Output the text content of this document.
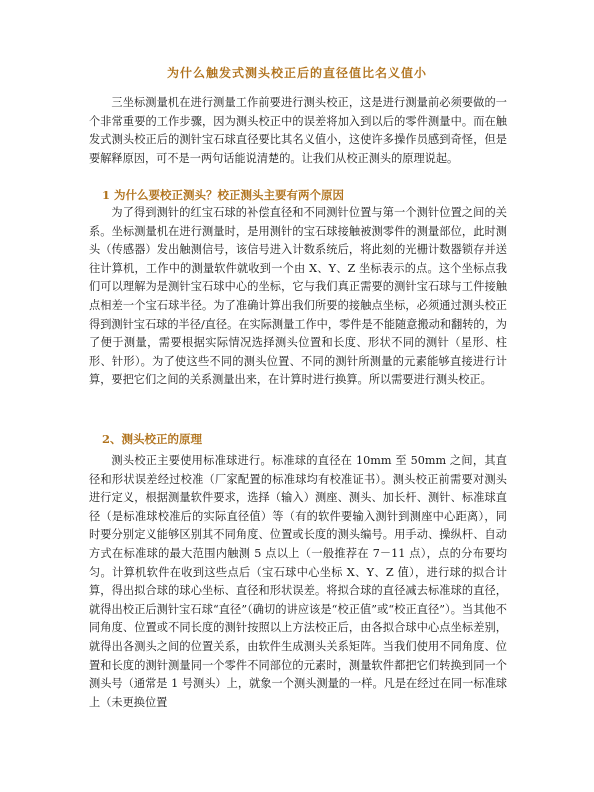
为什么触发式测头校正后的直径值比名义值小

三坐标测量机在进行测量工作前要进行测头校正，这是进行测量前必须要做的一个非常重要的工作步骤，因为测头校正中的误差将加入到以后的零件测量中。而在触发式测头校正后的测针宝石球直径要比其名义值小，这使许多操作员感到奇怪，但是要解释原因，可不是一两句话能说清楚的。让我们从校正测头的原理说起。

1 为什么要校正测头？校正测头主要有两个原因

为了得到测针的红宝石球的补偿直径和不同测针位置与第一个测针位置之间的关系。坐标测量机在进行测量时，是用测针的宝石球接触被测零件的测量部位，此时测头（传感器）发出触测信号，该信号进入计数系统后，将此刻的光栅计数器锁存并送往计算机，工作中的测量软件就收到一个由 X、Y、Z 坐标表示的点。这个坐标点我们可以理解为是测针宝石球中心的坐标，它与我们真正需要的测针宝石球与工件接触点相差一个宝石球半径。为了准确计算出我们所要的接触点坐标，必须通过测头校正得到测针宝石球的半径/直径。在实际测量工作中，零件是不能随意搬动和翻转的，为了便于测量，需要根据实际情况选择测头位置和长度、形状不同的测针（星形、柱形、针形）。为了使这些不同的测头位置、不同的测针所测量的元素能够直接进行计算，要把它们之间的关系测量出来，在计算时进行换算。所以需要进行测头校正。

2、测头校正的原理

测头校正主要使用标准球进行。标准球的直径在 10mm 至 50mm 之间，其直径和形状误差经过校准（厂家配置的标准球均有校准证书）。测头校正前需要对测头进行定义，根据测量软件要求，选择（输入）测座、测头、加长杆、测针、标准球直径（是标准球校准后的实际直径值）等（有的软件要输入测针到测座中心距离），同时要分别定义能够区别其不同角度、位置或长度的测头编号。用手动、操纵杆、自动方式在标准球的最大范围内触测 5 点以上（一般推荐在 7－11 点），点的分布要均匀。计算机软件在收到这些点后（宝石球中心坐标 X、Y、Z 值），进行球的拟合计算，得出拟合球的球心坐标、直径和形状误差。将拟合球的直径减去标准球的直径，就得出校正后测针宝石球“直径”（确切的讲应该是“校正值”或“校正直径”）。当其他不同角度、位置或不同长度的测针按照以上方法校正后，由各拟合球中心点坐标差别，就得出各测头之间的位置关系，由软件生成测头关系矩阵。当我们使用不同角度、位置和长度的测针测量同一个零件不同部位的元素时，测量软件都把它们转换到同一个测头号（通常是 1 号测头）上，就象一个测头测量的一样。凡是在经过在同一标准球上（未更换位置
